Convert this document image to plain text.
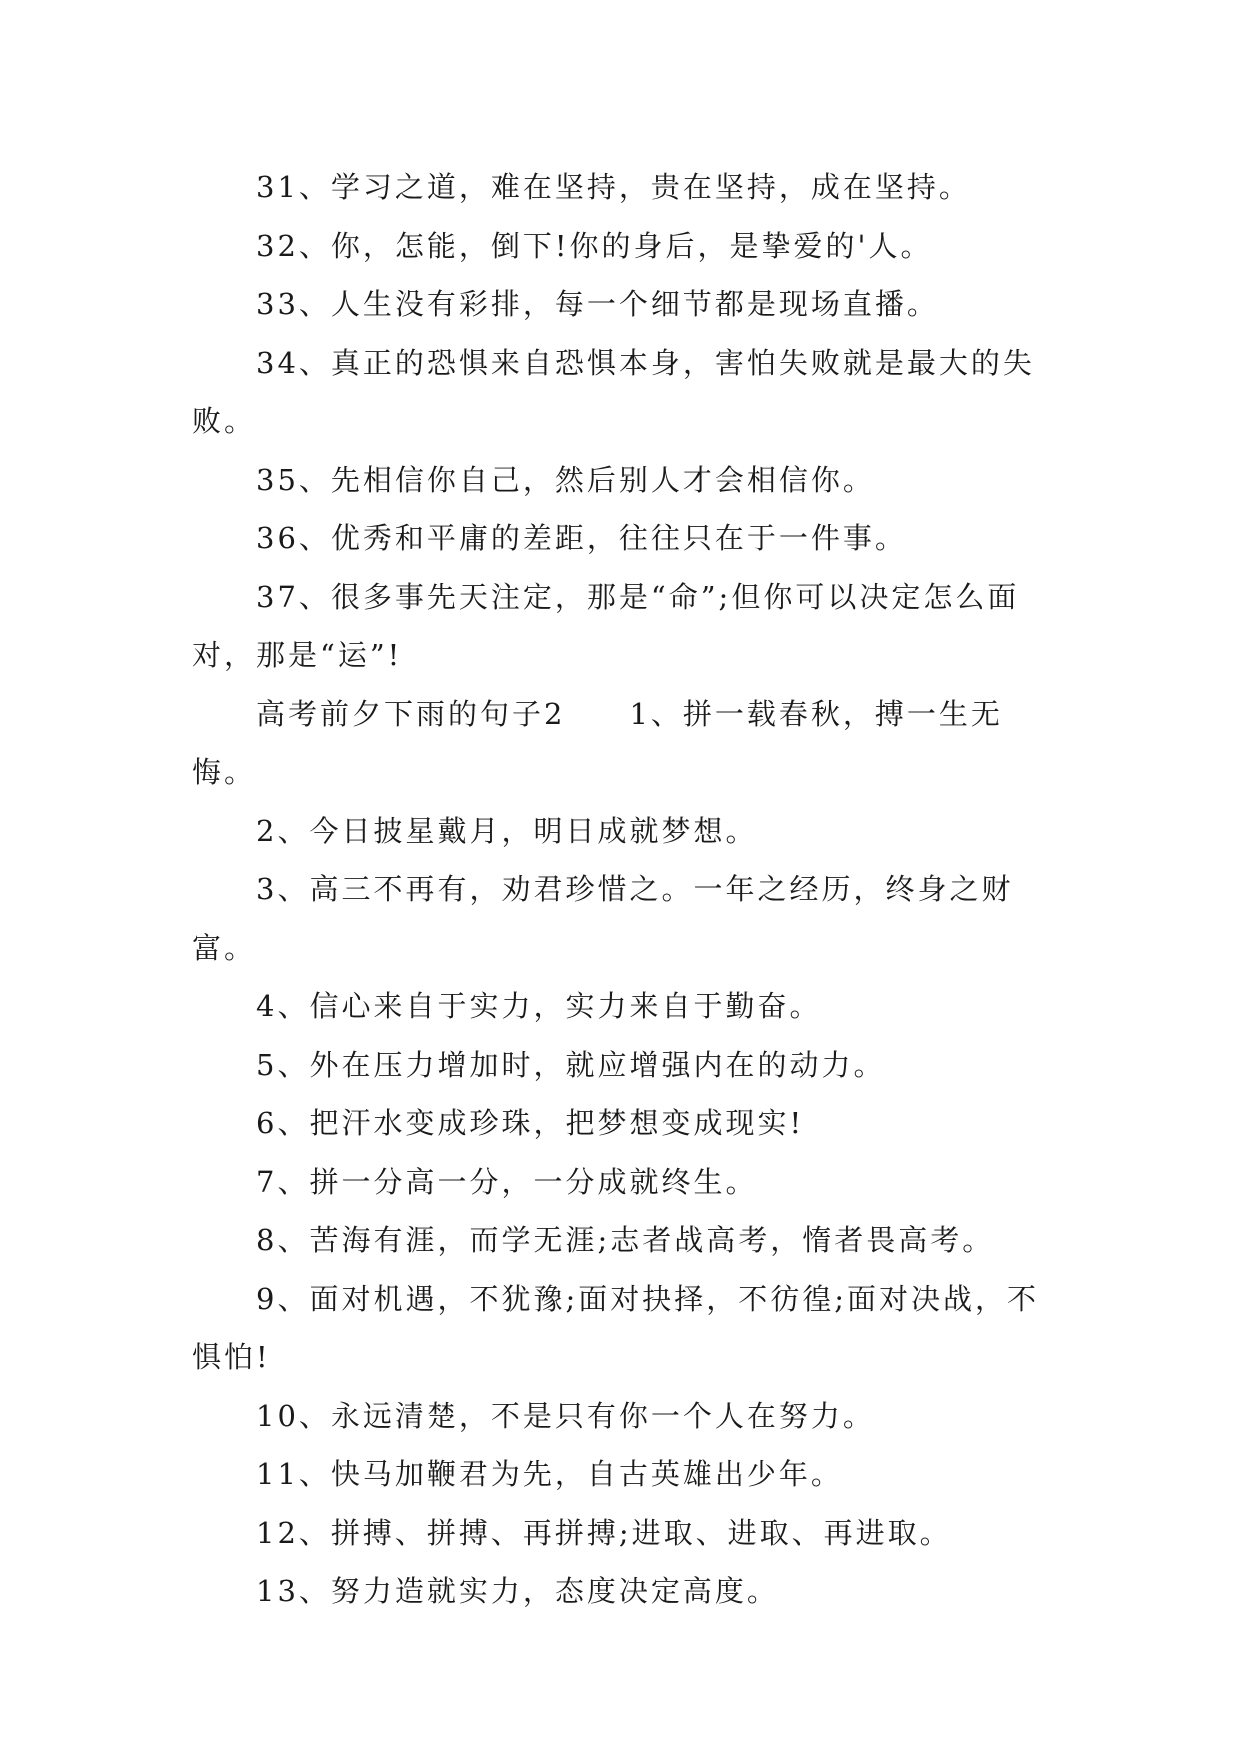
31、学习之道，难在坚持，贵在坚持，成在坚持。

32、你，怎能，倒下!你的身后，是挚爱的'人。

33、人生没有彩排，每一个细节都是现场直播。

34、真正的恐惧来自恐惧本身，害怕失败就是最大的失败。

35、先相信你自己，然后别人才会相信你。

36、优秀和平庸的差距，往往只在于一件事。

37、很多事先天注定，那是“命”;但你可以决定怎么面对，那是“运”!

高考前夕下雨的句子2　　1、拼一载春秋，搏一生无悔。

2、今日披星戴月，明日成就梦想。

3、高三不再有，劝君珍惜之。一年之经历，终身之财富。

4、信心来自于实力，实力来自于勤奋。

5、外在压力增加时，就应增强内在的动力。

6、把汗水变成珍珠，把梦想变成现实!

7、拼一分高一分，一分成就终生。

8、苦海有涯，而学无涯;志者战高考，惰者畏高考。

9、面对机遇，不犹豫;面对抉择，不彷徨;面对决战，不惧怕!

10、永远清楚，不是只有你一个人在努力。

11、快马加鞭君为先，自古英雄出少年。

12、拼搏、拼搏、再拼搏;进取、进取、再进取。

13、努力造就实力，态度决定高度。
